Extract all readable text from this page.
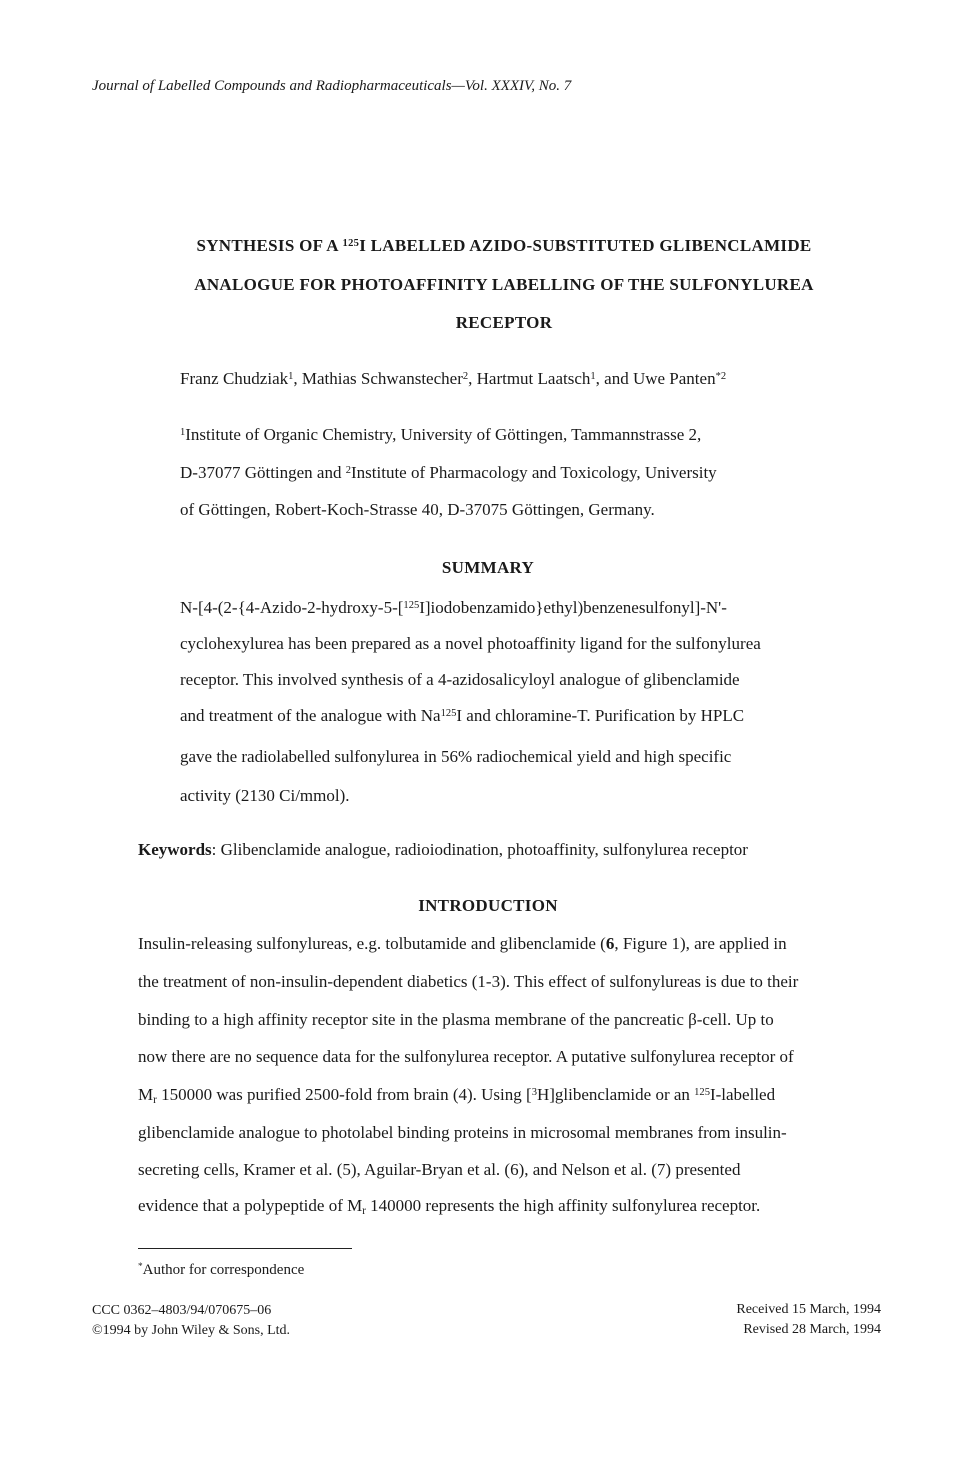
Journal of Labelled Compounds and Radiopharmaceuticals—Vol. XXXIV, No. 7
SYNTHESIS OF A $^{125}$I LABELLED AZIDO-SUBSTITUTED GLIBENCLAMIDE
ANALOGUE FOR PHOTOAFFINITY LABELLING OF THE SULFONYLUREA
RECEPTOR
Franz Chudziak$^1$, Mathias Schwanstecher$^2$, Hartmut Laatsch$^1$, and Uwe Panten$^{*2}$
$^1$Institute of Organic Chemistry, University of Göttingen, Tammannstrasse 2,
D-37077 Göttingen and $^2$Institute of Pharmacology and Toxicology, University
of Göttingen, Robert-Koch-Strasse 40, D-37075 Göttingen, Germany.
SUMMARY
N-[4-(2-{4-Azido-2-hydroxy-5-[$^{125}$I]iodobenzamido}ethyl)benzenesulfonyl]-N'-
cyclohexylurea has been prepared as a novel photoaffinity ligand for the sulfonylurea
receptor. This involved synthesis of a 4-azidosalicyloyl analogue of glibenclamide
and treatment of the analogue with Na$^{125}$I and chloramine-T. Purification by HPLC
gave the radiolabelled sulfonylurea in 56% radiochemical yield and high specific
activity (2130 Ci/mmol).
Keywords: Glibenclamide analogue, radioiodination, photoaffinity, sulfonylurea receptor
INTRODUCTION
Insulin-releasing sulfonylureas, e.g. tolbutamide and glibenclamide (6, Figure 1), are applied in
the treatment of non-insulin-dependent diabetics (1-3). This effect of sulfonylureas is due to their
binding to a high affinity receptor site in the plasma membrane of the pancreatic β-cell. Up to
now there are no sequence data for the sulfonylurea receptor. A putative sulfonylurea receptor of
$M_r$ 150000 was purified 2500-fold from brain (4). Using [$^3$H]glibenclamide or an $^{125}$I-labelled
glibenclamide analogue to photolabel binding proteins in microsomal membranes from insulin-
secreting cells, Kramer et al. (5), Aguilar-Bryan et al. (6), and Nelson et al. (7) presented
evidence that a polypeptide of $M_r$ 140000 represents the high affinity sulfonylurea receptor.
*Author for correspondence
CCC 0362–4803/94/070675–06
©1994 by John Wiley & Sons, Ltd.
Received 15 March, 1994
Revised 28 March, 1994
